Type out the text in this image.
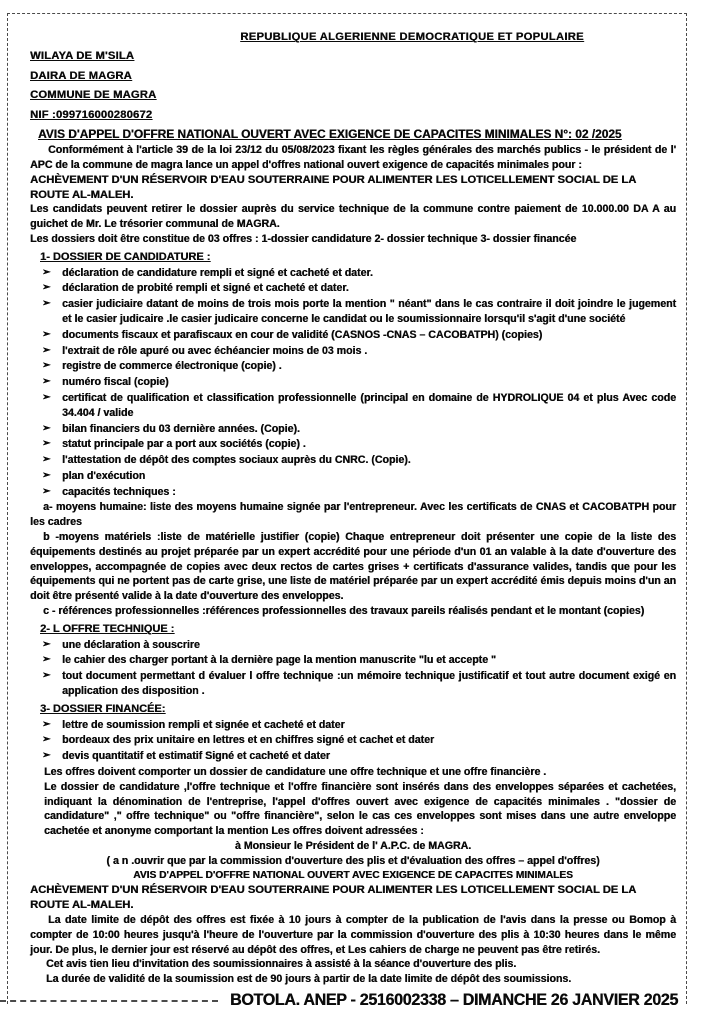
REPUBLIQUE ALGERIENNE DEMOCRATIQUE ET POPULAIRE
WILAYA DE M'SILA
DAIRA DE MAGRA
COMMUNE DE MAGRA
NIF :099716000280672
AVIS D'APPEL D'OFFRE NATIONAL OUVERT AVEC EXIGENCE DE CAPACITES MINIMALES N°: 02 /2025

Conformément à l'article 39 de la loi 23/12 du 05/08/2023 fixant les règles générales des marchés publics - le président de l' APC de la commune de magra lance un appel d'offres national ouvert exigence de capacités minimales pour :

ACHÈVEMENT D'UN RÉSERVOIR D'EAU SOUTERRAINE POUR ALIMENTER LES LOTICELLEMENT SOCIAL DE LA ROUTE AL-MALEH.

Les candidats peuvent retirer le dossier auprès du service technique de la commune contre paiement de 10.000.00 DA A au guichet de Mr. Le trésorier communal de MAGRA.

Les dossiers doit être constitue de 03 offres : 1-dossier candidature 2- dossier technique 3- dossier financée

1- DOSSIER DE CANDIDATURE :
➢	déclaration de candidature rempli et signé et cacheté et dater.
➢	déclaration de probité rempli et signé et cacheté et dater.
➢	casier judiciaire datant de moins de trois mois porte la mention " néant" dans le cas contraire il doit joindre le jugement et le casier judicaire .le casier judicaire concerne le candidat ou le soumissionnaire lorsqu'il s'agit d'une société
➢	documents fiscaux et parafiscaux en cour de validité (CASNOS -CNAS – CACOBATPH) (copies)
➢	l'extrait de rôle apuré ou avec échéancier moins de 03 mois .
➢	registre de commerce électronique (copie) .
➢	numéro fiscal (copie)
➢	certificat de qualification et classification professionnelle (principal en domaine de HYDROLIQUE 04 et plus Avec code 34.404 / valide
➢	bilan financiers du 03 dernière années. (Copie).
➢	statut principale par a port aux sociétés (copie) .
➢	l'attestation de dépôt des comptes sociaux auprès du CNRC. (Copie).
➢	plan d'exécution
➢	capacités techniques :

a- moyens humaine: liste des moyens humaine signée par l'entrepreneur. Avec les certificats de CNAS et CACOBATPH pour les cadres

b -moyens matériels :liste de matérielle justifier (copie) Chaque entrepreneur doit présenter une copie de la liste des équipements destinés au projet préparée par un expert accrédité pour une période d'un 01 an valable à la date d'ouverture des enveloppes, accompagnée de copies avec deux rectos de cartes grises + certificats d'assurance valides, tandis que pour les équipements qui ne portent pas de carte grise, une liste de matériel préparée par un expert accrédité émis depuis moins d'un an doit être présenté valide à la date d'ouverture des enveloppes.

c - références professionnelles :références professionnelles des travaux pareils réalisés pendant et le montant (copies)

2- L OFFRE TECHNIQUE :
➢	une déclaration à souscrire
➢	le cahier des charger portant à la dernière page la mention manuscrite "lu et accepte "
➢	tout document permettant d évaluer l offre technique :un mémoire technique justificatif et tout autre document exigé en application des disposition .
3- DOSSIER FINANCÉE:
➢	lettre de soumission rempli et signée et cacheté et dater
➢	bordeaux des prix unitaire en lettres et en chiffres signé et cachet et dater
➢	devis quantitatif et estimatif Signé et cacheté et dater

Les offres doivent comporter un dossier de candidature une offre technique et une offre financière .

Le dossier de candidature ,l'offre technique et l'offre financière sont insérés dans des enveloppes séparées et cachetées, indiquant la dénomination de l'entreprise, l'appel d'offres ouvert avec exigence de capacités minimales . "dossier de candidature" ," offre technique" ou "offre financière", selon le cas ces enveloppes sont mises dans une autre enveloppe cachetée et anonyme comportant la mention Les offres doivent adressées :

à Monsieur le Président de l' A.P.C. de MAGRA.

( a n .ouvrir que par la commission d'ouverture des plis et d'évaluation des offres – appel d'offres)

AVIS D'APPEL D'OFFRE NATIONAL OUVERT AVEC EXIGENCE DE CAPACITES MINIMALES

ACHÈVEMENT D'UN RÉSERVOIR D'EAU SOUTERRAINE POUR ALIMENTER LES LOTICELLEMENT SOCIAL DE LA ROUTE AL-MALEH.

La date limite de dépôt des offres est fixée à 10 jours à compter de la publication de l'avis dans la presse ou Bomop à compter de 10:00 heures jusqu'à l'heure de l'ouverture par la commission d'ouverture des plis à 10:30 heures dans le même jour. De plus, le dernier jour est réservé au dépôt des offres, et Les cahiers de charge ne peuvent pas être retirés.

Cet avis tien lieu d'invitation des soumissionnaires à assisté à la séance d'ouverture des plis.

La durée de validité de la soumission est de 90 jours à partir de la date limite de dépôt des soumissions.

BOTOLA. ANEP - 2516002338 – DIMANCHE 26 JANVIER 2025
